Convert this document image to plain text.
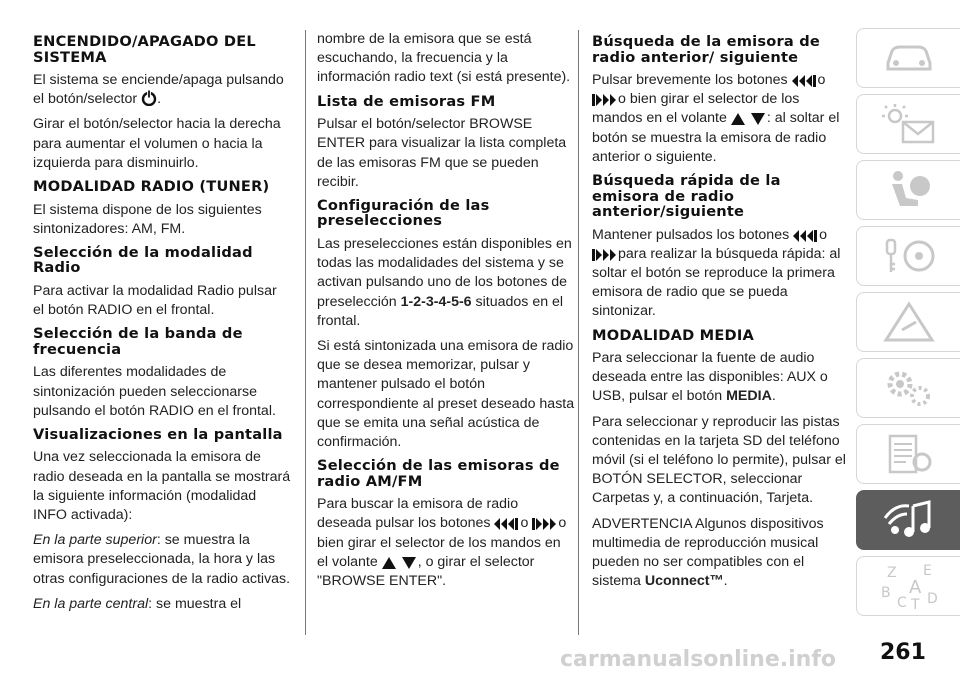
ENCENDIDO/APAGADO DEL SISTEMA

El sistema se enciende/apaga pulsando el botón/selector .

Girar el botón/selector hacia la derecha para aumentar el volumen o hacia la izquierda para disminuirlo.

MODALIDAD RADIO (TUNER)

El sistema dispone de los siguientes sintonizadores: AM, FM.

Selección de la modalidad Radio

Para activar la modalidad Radio pulsar el botón RADIO en el frontal.

Selección de la banda de frecuencia

Las diferentes modalidades de sintonización pueden seleccionarse pulsando el botón RADIO en el frontal.

Visualizaciones en la pantalla

Una vez seleccionada la emisora de radio deseada en la pantalla se mostrará la siguiente información (modalidad INFO activada):

En la parte superior: se muestra la emisora preseleccionada, la hora y las otras configuraciones de la radio activas.

En la parte central: se muestra el

nombre de la emisora que se está escuchando, la frecuencia y la información radio text (si está presente).

Lista de emisoras FM

Pulsar el botón/selector BROWSE ENTER para visualizar la lista completa de las emisoras FM que se pueden recibir.

Configuración de las preselecciones

Las preselecciones están disponibles en todas las modalidades del sistema y se activan pulsando uno de los botones de preselección 1-2-3-4-5-6 situados en el frontal.

Si está sintonizada una emisora de radio que se desea memorizar, pulsar y mantener pulsado el botón correspondiente al preset deseado hasta que se emita una señal acústica de confirmación.

Selección de las emisoras de radio AM/FM

Para buscar la emisora de radio deseada pulsar los botones o o bien girar el selector de los mandos en el volante	, o girar el selector "BROWSE ENTER".

Búsqueda de la emisora de radio anterior/ siguiente

Pulsar brevemente los botones o o bien girar el selector de los mandos en el volante	: al soltar el botón se muestra la emisora de radio anterior o siguiente.

Búsqueda rápida de la emisora de radio anterior/siguiente

Mantener pulsados los botones o para realizar la búsqueda rápida: al soltar el botón se reproduce la primera emisora de radio que se pueda sintonizar.

MODALIDAD MEDIA

Para seleccionar la fuente de audio deseada entre las disponibles: AUX o USB, pulsar el botón MEDIA.

Para seleccionar y reproducir las pistas contenidas en la tarjeta SD del teléfono móvil (si el teléfono lo permite), pulsar el BOTÓN SELECTOR, seleccionar Carpetas y, a continuación, Tarjeta.

ADVERTENCIA Algunos dispositivos multimedia de reproducción musical pueden no ser compatibles con el sistema Uconnect™.

Z E
B A
C T D
carmanualsonline.info 261
